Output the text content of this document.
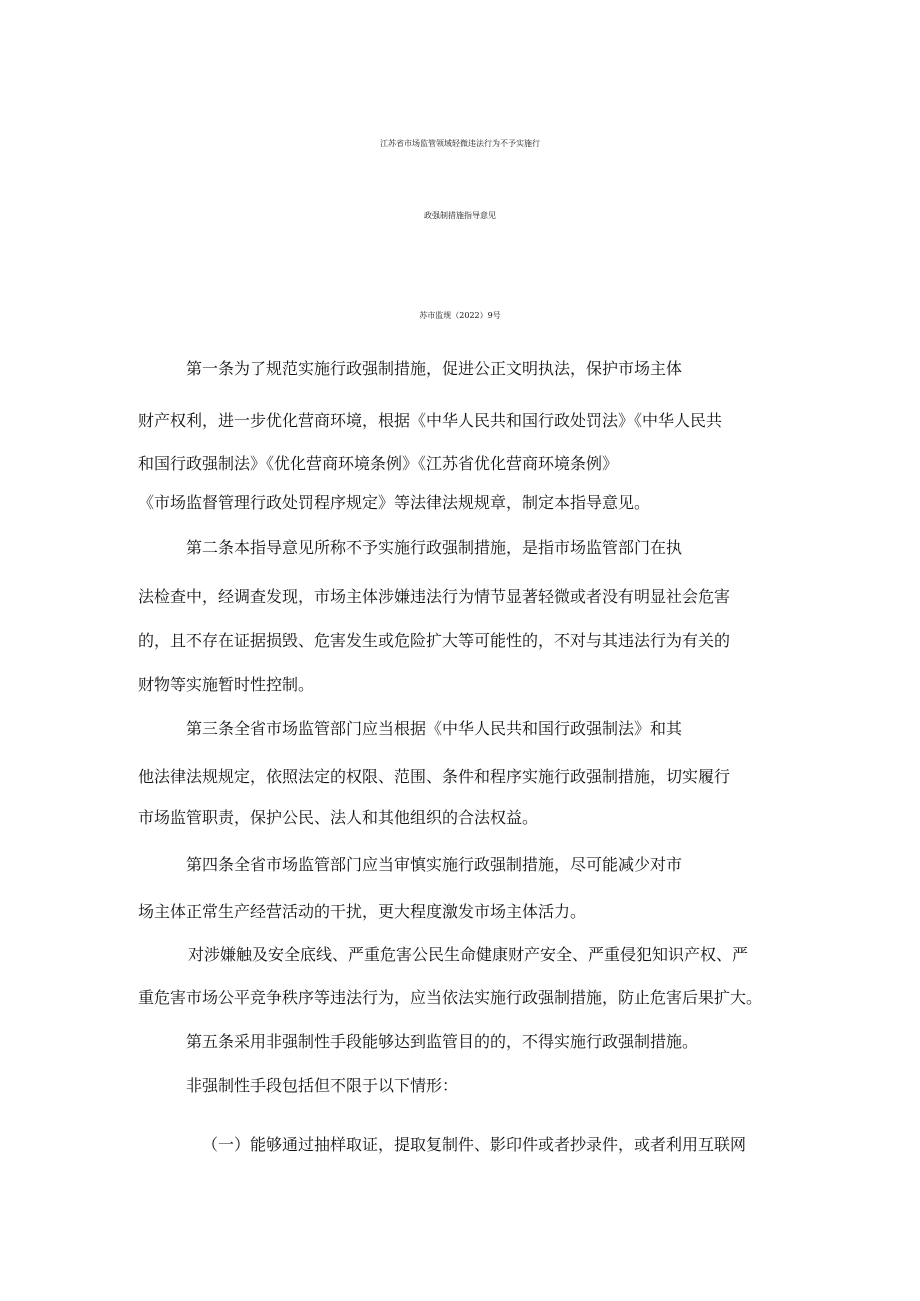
江苏省市场监管领域轻微违法行为不予实施行
政强制措施指导意见
苏市监规（2022）9号
第一条为了规范实施行政强制措施，促进公正文明执法，保护市场主体
财产权利，进一步优化营商环境，根据《中华人民共和国行政处罚法》《中华人民共
和国行政强制法》《优化营商环境条例》《江苏省优化营商环境条例》
《市场监督管理行政处罚程序规定》等法律法规规章，制定本指导意见。
第二条本指导意见所称不予实施行政强制措施，是指市场监管部门在执
法检查中，经调查发现，市场主体涉嫌违法行为情节显著轻微或者没有明显社会危害
的，且不存在证据损毁、危害发生或危险扩大等可能性的，不对与其违法行为有关的
财物等实施暂时性控制。
第三条全省市场监管部门应当根据《中华人民共和国行政强制法》和其
他法律法规规定，依照法定的权限、范围、条件和程序实施行政强制措施，切实履行
市场监管职责，保护公民、法人和其他组织的合法权益。
第四条全省市场监管部门应当审慎实施行政强制措施，尽可能减少对市
场主体正常生产经营活动的干扰，更大程度激发市场主体活力。
对涉嫌触及安全底线、严重危害公民生命健康财产安全、严重侵犯知识产权、严
重危害市场公平竞争秩序等违法行为，应当依法实施行政强制措施，防止危害后果扩大。
第五条采用非强制性手段能够达到监管目的的，不得实施行政强制措施。
非强制性手段包括但不限于以下情形：
（一）能够通过抽样取证，提取复制件、影印件或者抄录件，或者利用互联网
